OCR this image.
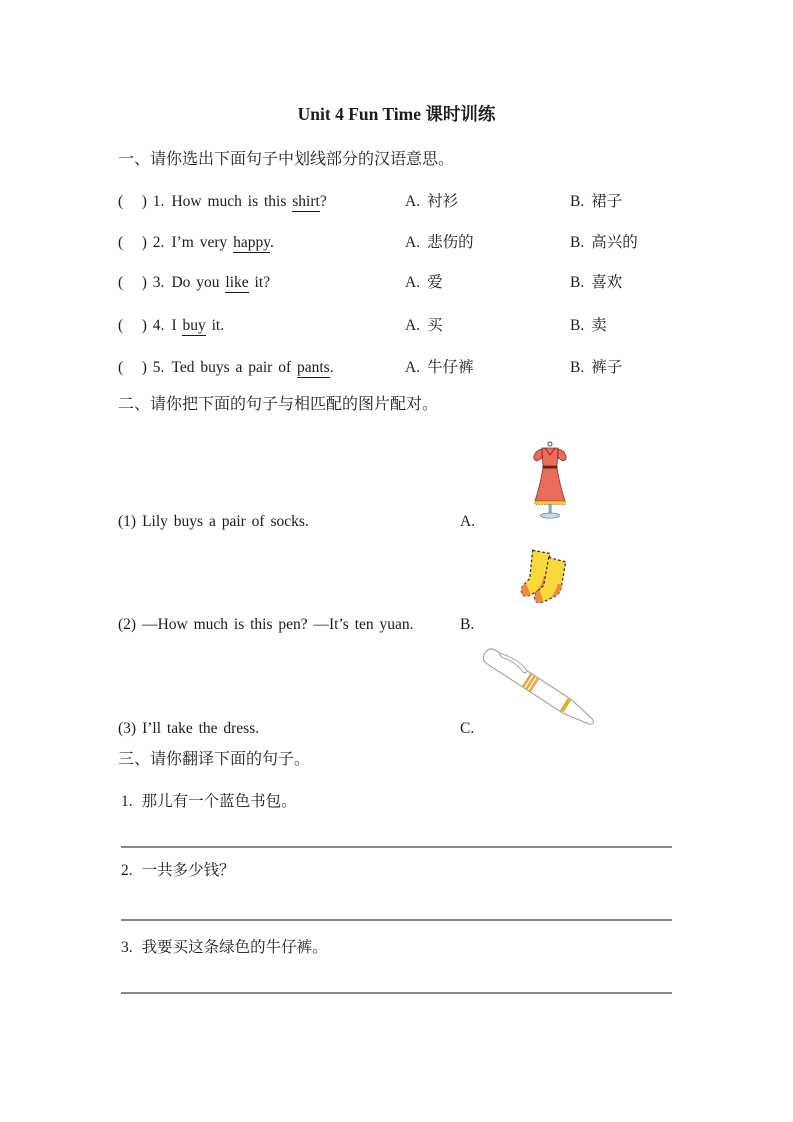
Unit 4 Fun Time 课时训练
一、请你选出下面句子中划线部分的汉语意思。
(  ) 1. How much is this shirt?	A. 衬衫	B. 裙子
(  ) 2. I’m very happy.	A. 悲伤的	B. 高兴的
(  ) 3. Do you like it?	A. 爱	B. 喜欢
(  ) 4. I buy it.	A. 买	B. 卖
(  ) 5. Ted buys a pair of pants.	A. 牛仔裤	B. 裤子
二、请你把下面的句子与相匹配的图片配对。
(1) Lily buys a pair of socks.	A.
(2) —How much is this pen? —It’s ten yuan.	B.
(3) I’ll take the dress.	C.
三、请你翻译下面的句子。
1. 那儿有一个蓝色书包。
2. 一共多少钱？
3. 我要买这条绿色的牛仔裤。
